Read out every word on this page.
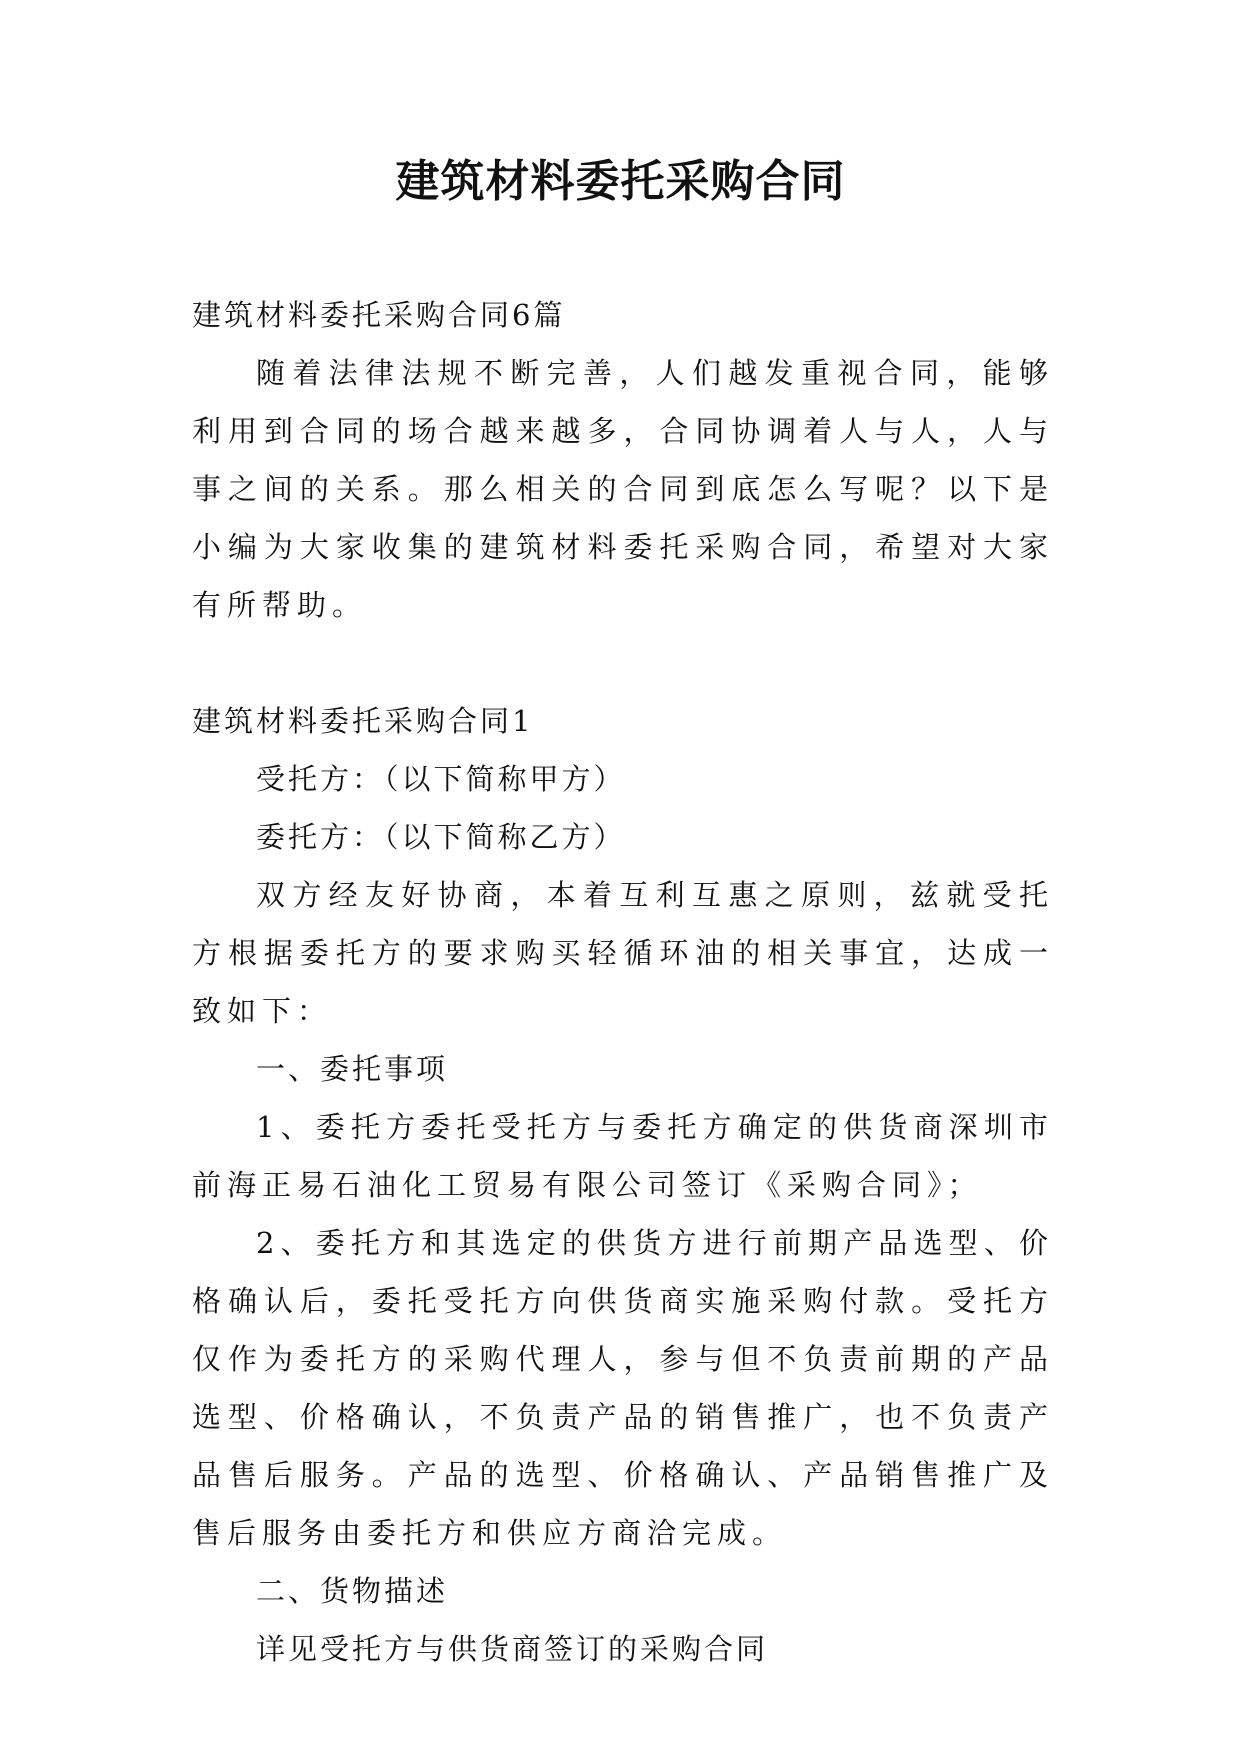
建筑材料委托采购合同

建筑材料委托采购合同6篇

随着法律法规不断完善，人们越发重视合同，能够利用到合同的场合越来越多，合同协调着人与人，人与事之间的关系。那么相关的合同到底怎么写呢？以下是小编为大家收集的建筑材料委托采购合同，希望对大家有所帮助。

建筑材料委托采购合同1

受托方：（以下简称甲方）

委托方：（以下简称乙方）

双方经友好协商，本着互利互惠之原则，兹就受托方根据委托方的要求购买轻循环油的相关事宜，达成一致如下：

一、委托事项

1、委托方委托受托方与委托方确定的供货商深圳市前海正易石油化工贸易有限公司签订《采购合同》；

2、委托方和其选定的供货方进行前期产品选型、价格确认后，委托受托方向供货商实施采购付款。受托方仅作为委托方的采购代理人，参与但不负责前期的产品选型、价格确认，不负责产品的销售推广，也不负责产品售后服务。产品的选型、价格确认、产品销售推广及售后服务由委托方和供应方商洽完成。

二、货物描述

详见受托方与供货商签订的采购合同
